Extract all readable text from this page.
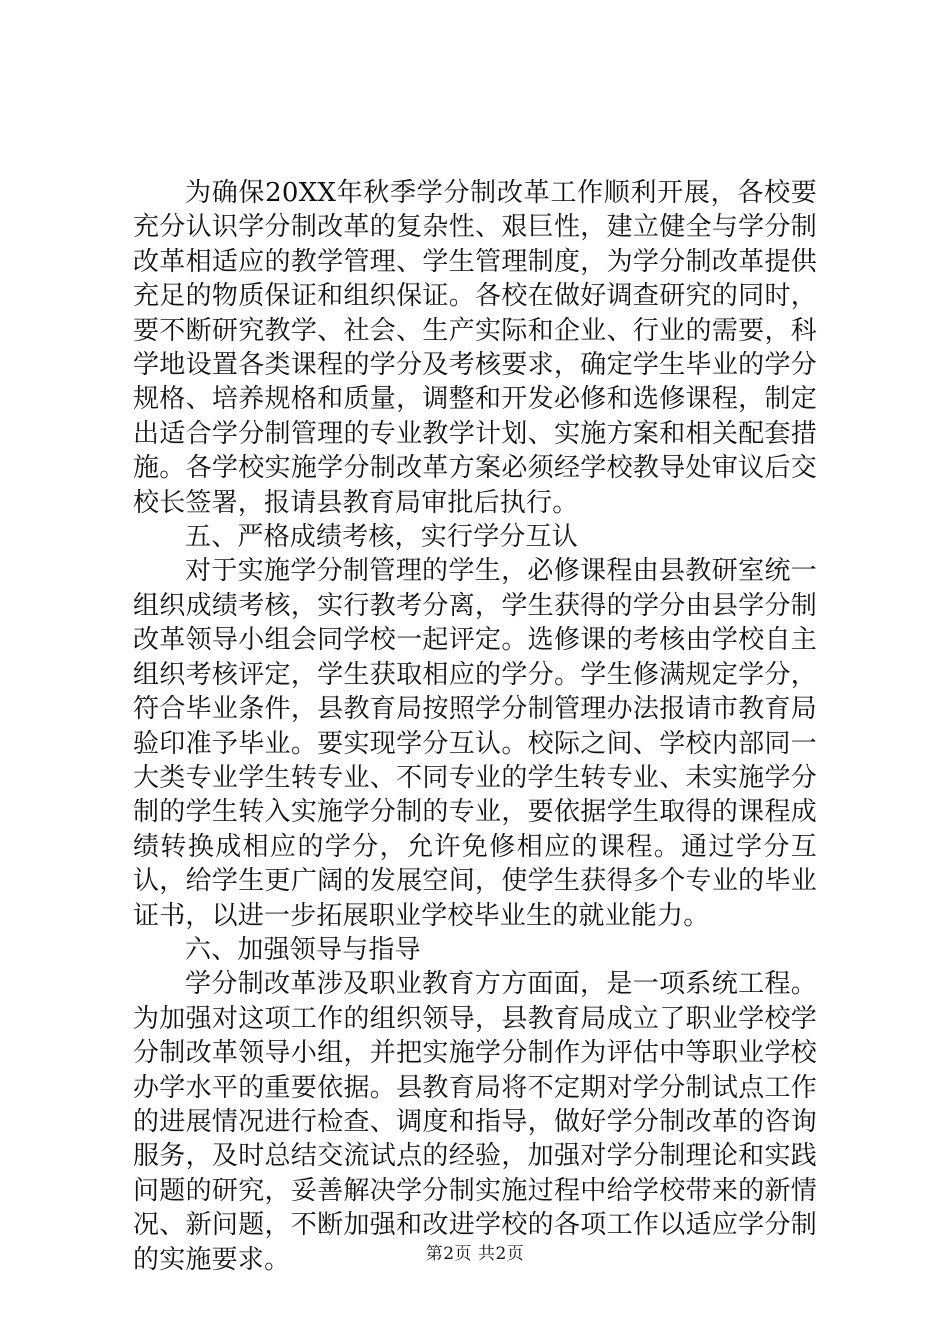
为确保20XX年秋季学分制改革工作顺利开展，各校要充分认识学分制改革的复杂性、艰巨性，建立健全与学分制改革相适应的教学管理、学生管理制度，为学分制改革提供充足的物质保证和组织保证。各校在做好调查研究的同时，要不断研究教学、社会、生产实际和企业、行业的需要，科学地设置各类课程的学分及考核要求，确定学生毕业的学分规格、培养规格和质量，调整和开发必修和选修课程，制定出适合学分制管理的专业教学计划、实施方案和相关配套措施。各学校实施学分制改革方案必须经学校教导处审议后交校长签署，报请县教育局审批后执行。

五、严格成绩考核，实行学分互认

对于实施学分制管理的学生，必修课程由县教研室统一组织成绩考核，实行教考分离，学生获得的学分由县学分制改革领导小组会同学校一起评定。选修课的考核由学校自主组织考核评定，学生获取相应的学分。学生修满规定学分，符合毕业条件，县教育局按照学分制管理办法报请市教育局验印准予毕业。要实现学分互认。校际之间、学校内部同一大类专业学生转专业、不同专业的学生转专业、未实施学分制的学生转入实施学分制的专业，要依据学生取得的课程成绩转换成相应的学分，允许免修相应的课程。通过学分互认，给学生更广阔的发展空间，使学生获得多个专业的毕业证书，以进一步拓展职业学校毕业生的就业能力。

六、加强领导与指导

学分制改革涉及职业教育方方面面，是一项系统工程。为加强对这项工作的组织领导，县教育局成立了职业学校学分制改革领导小组，并把实施学分制作为评估中等职业学校办学水平的重要依据。县教育局将不定期对学分制试点工作的进展情况进行检查、调度和指导，做好学分制改革的咨询服务，及时总结交流试点的经验，加强对学分制理论和实践问题的研究，妥善解决学分制实施过程中给学校带来的新情况、新问题，不断加强和改进学校的各项工作以适应学分制的实施要求。	第2页 共2页
